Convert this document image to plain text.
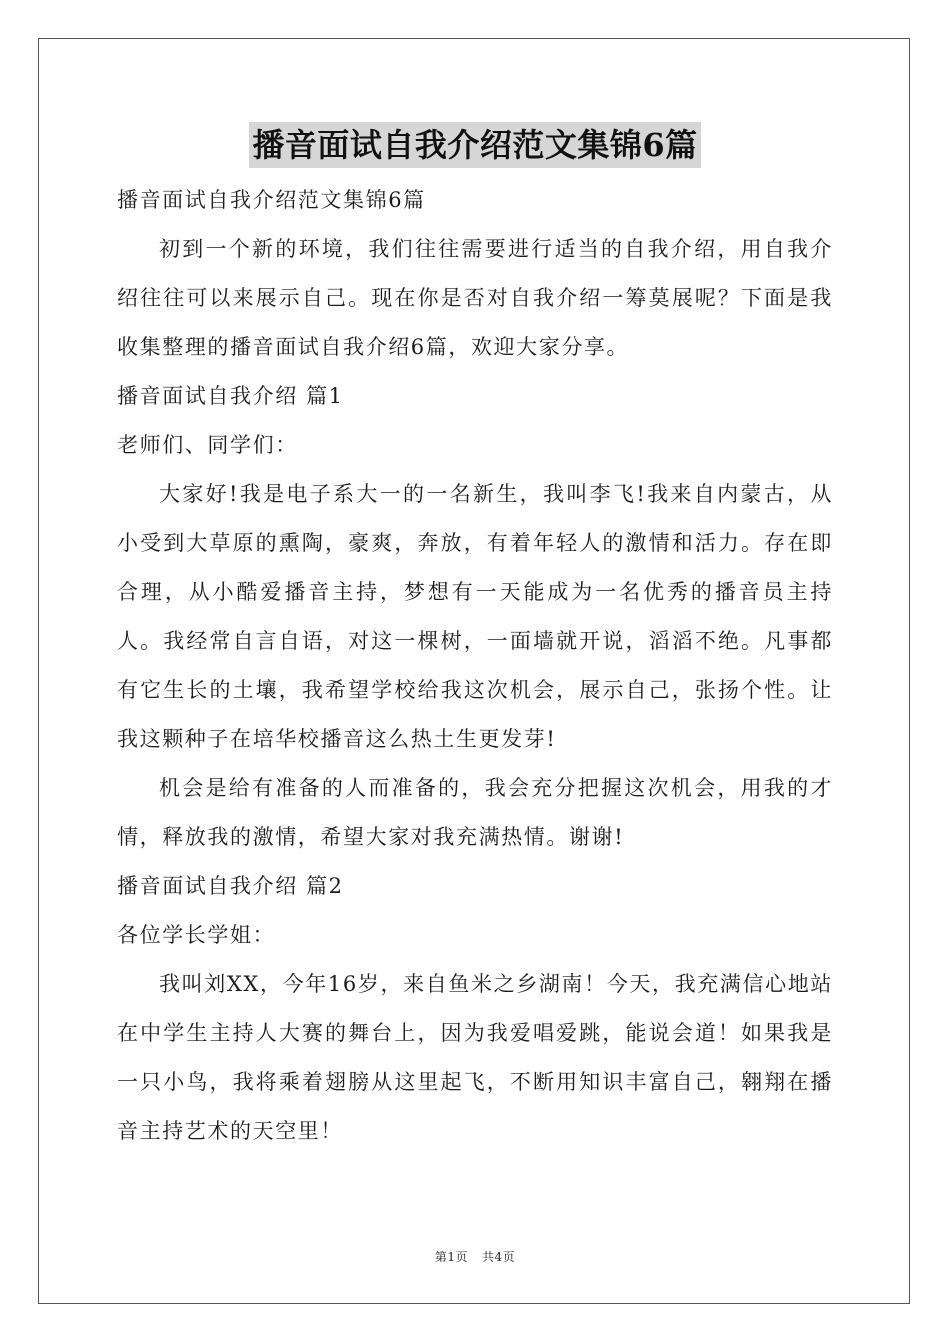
播音面试自我介绍范文集锦6篇

播音面试自我介绍范文集锦6篇

初到一个新的环境，我们往往需要进行适当的自我介绍，用自我介绍往往可以来展示自己。现在你是否对自我介绍一筹莫展呢？下面是我收集整理的播音面试自我介绍6篇，欢迎大家分享。

播音面试自我介绍 篇1

老师们、同学们：

大家好!我是电子系大一的一名新生，我叫李飞!我来自内蒙古，从小受到大草原的熏陶，豪爽，奔放，有着年轻人的激情和活力。存在即合理，从小酷爱播音主持，梦想有一天能成为一名优秀的播音员主持人。我经常自言自语，对这一棵树，一面墙就开说，滔滔不绝。凡事都有它生长的土壤，我希望学校给我这次机会，展示自己，张扬个性。让我这颗种子在培华校播音这么热土生更发芽!

机会是给有准备的人而准备的，我会充分把握这次机会，用我的才情，释放我的激情，希望大家对我充满热情。谢谢!

播音面试自我介绍 篇2

各位学长学姐：

我叫刘XX，今年16岁，来自鱼米之乡湖南！今天，我充满信心地站在中学生主持人大赛的舞台上，因为我爱唱爱跳，能说会道！如果我是一只小鸟，我将乘着翅膀从这里起飞，不断用知识丰富自己，翱翔在播音主持艺术的天空里！

第1页 共4页
